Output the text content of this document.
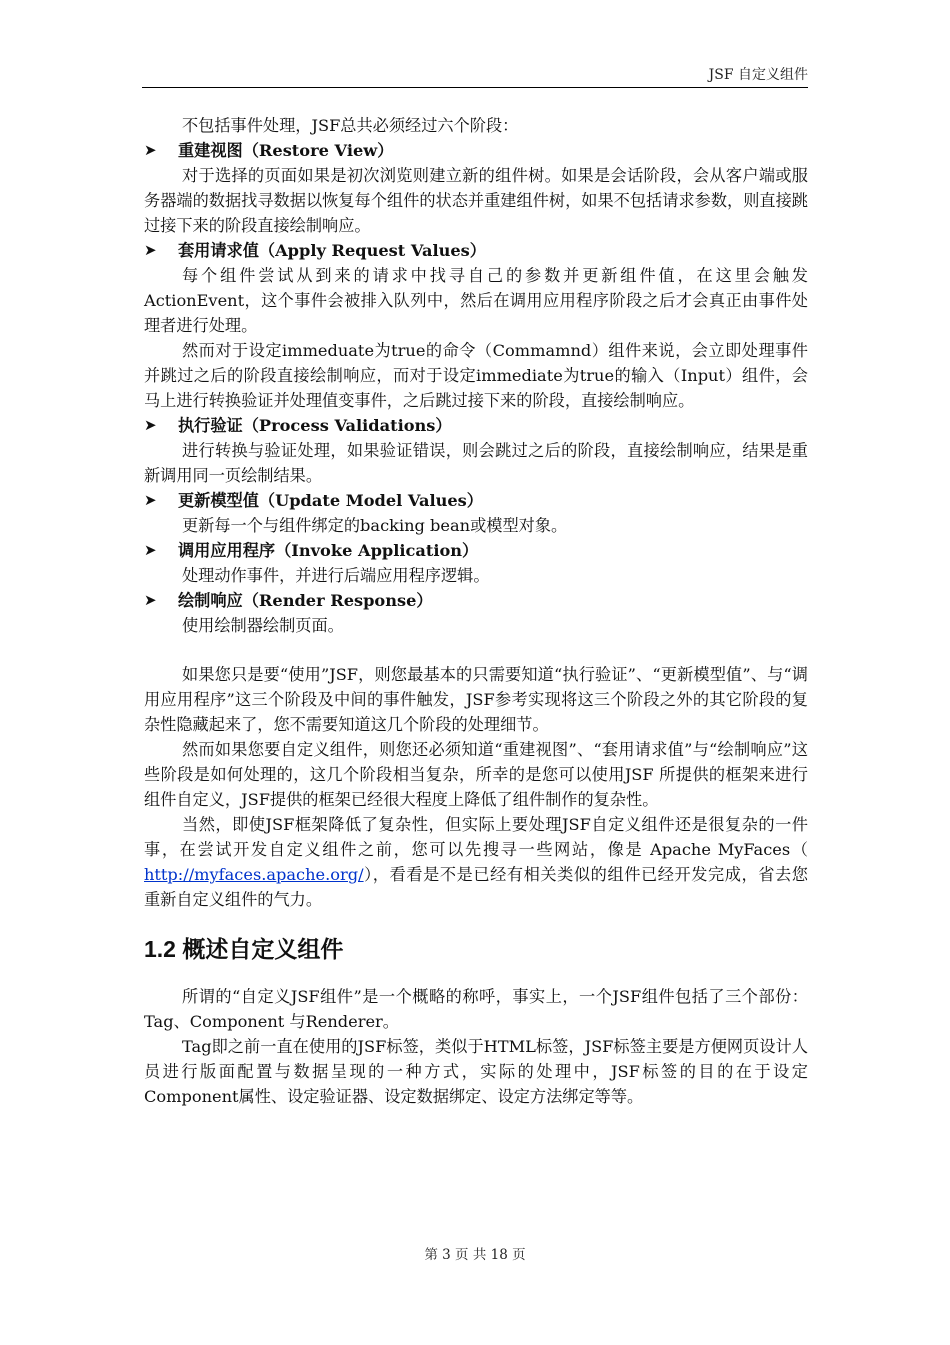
JSF 自定义组件

不包括事件处理，JSF总共必须经过六个阶段：

➤	重建视图（Restore View）

对于选择的页面如果是初次浏览则建立新的组件树。如果是会话阶段，会从客户端或服务器端的数据找寻数据以恢复每个组件的状态并重建组件树，如果不包括请求参数，则直接跳过接下来的阶段直接绘制响应。

➤	套用请求值（Apply Request Values）

每个组件尝试从到来的请求中找寻自己的参数并更新组件值，在这里会触发ActionEvent，这个事件会被排入队列中，然后在调用应用程序阶段之后才会真正由事件处理者进行处理。

然而对于设定immeduate为true的命令（Commamnd）组件来说，会立即处理事件并跳过之后的阶段直接绘制响应，而对于设定immediate为true的输入（Input）组件，会马上进行转换验证并处理值变事件，之后跳过接下来的阶段，直接绘制响应。

➤	执行验证（Process Validations）

进行转换与验证处理，如果验证错误，则会跳过之后的阶段，直接绘制响应，结果是重新调用同一页绘制结果。

➤	更新模型值（Update Model Values）

更新每一个与组件绑定的backing bean或模型对象。

➤	调用应用程序（Invoke Application）

处理动作事件，并进行后端应用程序逻辑。

➤	绘制响应（Render Response）

使用绘制器绘制页面。

如果您只是要“使用”JSF，则您最基本的只需要知道“执行验证”、“更新模型值”、与“调用应用程序”这三个阶段及中间的事件触发，JSF参考实现将这三个阶段之外的其它阶段的复杂性隐藏起来了，您不需要知道这几个阶段的处理细节。

然而如果您要自定义组件，则您还必须知道“重建视图”、“套用请求值”与“绘制响应”这些阶段是如何处理的，这几个阶段相当复杂，所幸的是您可以使用JSF 所提供的框架来进行组件自定义，JSF提供的框架已经很大程度上降低了组件制作的复杂性。

当然，即使JSF框架降低了复杂性，但实际上要处理JSF自定义组件还是很复杂的一件事，在尝试开发自定义组件之前，您可以先搜寻一些网站，像是 Apache MyFaces（ http://myfaces.apache.org/），看看是不是已经有相关类似的组件已经开发完成，省去您重新自定义组件的气力。

1.2 概述自定义组件

所谓的“自定义JSF组件”是一个概略的称呼，事实上，一个JSF组件包括了三个部份：Tag、Component 与Renderer。

Tag即之前一直在使用的JSF标签，类似于HTML标签，JSF标签主要是方便网页设计人员进行版面配置与数据呈现的一种方式，实际的处理中，JSF标签的目的在于设定Component属性、设定验证器、设定数据绑定、设定方法绑定等等。

第 3 页 共 18 页
